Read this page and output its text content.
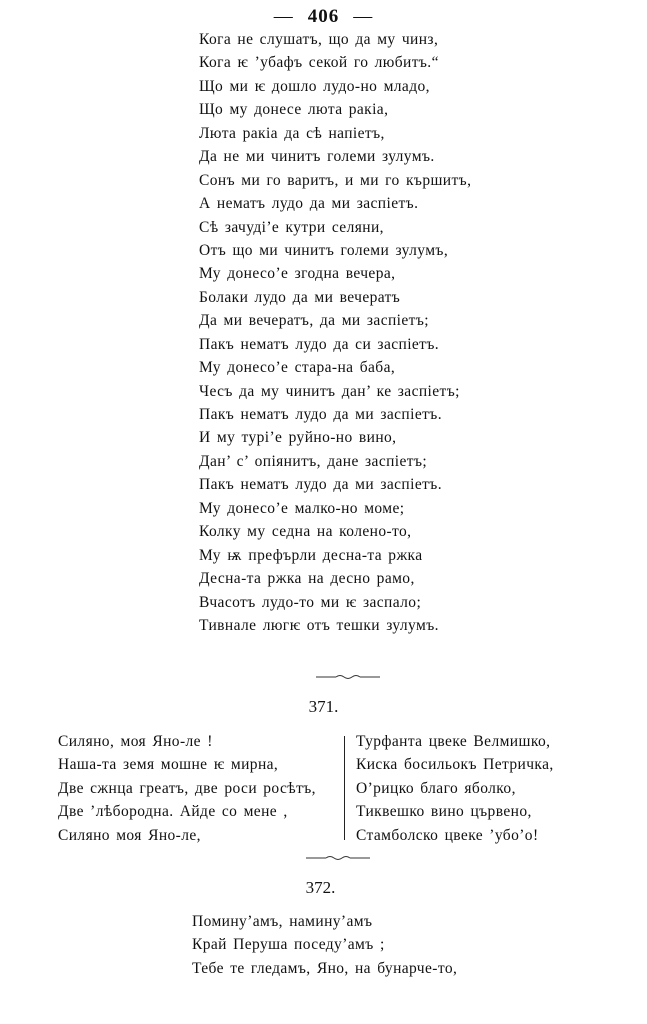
— 406 —
Кога не слушатъ, що да му чинз,
Кога ѥ ’убафъ секой го любитъ.“
Що ми ѥ дошло лудо-но младо,
Що му донесе люта ракіа,
Люта ракіа да сѣ напіетъ,
Да не ми чинитъ големи зулумъ.
Сонъ ми го варитъ, и ми го кършитъ,
А нематъ лудо да ми заспіетъ.
Сѣ зачуді’е кутри селяни,
Отъ що ми чинитъ големи зулумъ,
Му донесо’е згодна вечера,
Болаки лудо да ми вечератъ
Да ми вечератъ, да ми заспіетъ;
Пакъ нематъ лудо да си заспіетъ.
Му донесо’е стара-на баба,
Чесъ да му чинитъ дан’ ке заспіетъ;
Пакъ нематъ лудо да ми заспіетъ.
И му турі’е руйно-но вино,
Дан’ с’ опіянитъ, дане заспіетъ;
Пакъ нематъ лудо да ми заспіетъ.
Му донесо’е малко-но моме;
Колку му седна на колено-то,
Му ѭ префърли десна-та ржка
Десна-та ржка на десно рамо,
Вчасотъ лудо-то ми ѥ заспало;
Тивнале люгѥ отъ тешки зулумъ.
371.
Силяно, моя Яно-ле !
Наша-та земя мошне ѥ мирна,
Две сжнца греатъ, две роси росѣтъ,
Две ’лѣбородна. Айде со мене ,
Силяно моя Яно-ле,
Турфанта цвеке Велмишко,
Киска босильокъ Петричка,
О’рицко благо яболко,
Тиквешко вино цървено,
Стамболско цвеке ’убо’о!
372.
Поминуʼамъ, наминуʼамъ
Край Перуша поседуʼамъ ;
Тебе те гледамъ, Яно, на бунарче-то,
